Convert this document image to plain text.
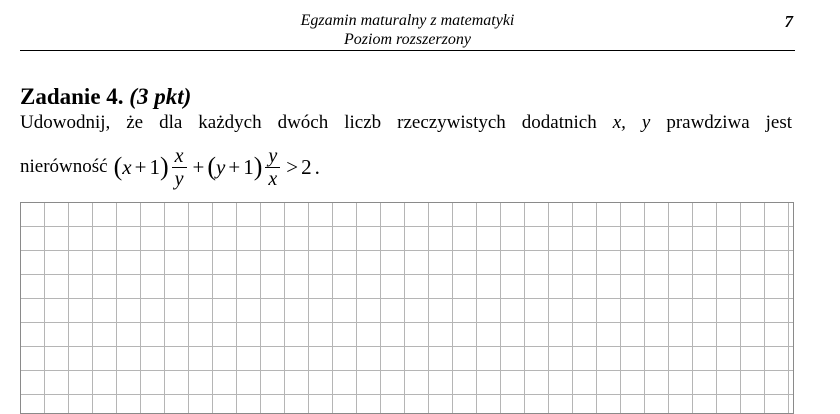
Egzamin maturalny z matematyki
Poziom rozszerzony
7
Zadanie 4. (3 pkt)
Udowodnij, że dla każdych dwóch liczb rzeczywistych dodatnich x, y prawdziwa jest
nierówność ( x + 1 ) $\frac{x}{y}$ + ( y + 1 ) $\frac{y}{x} > 2$ .
